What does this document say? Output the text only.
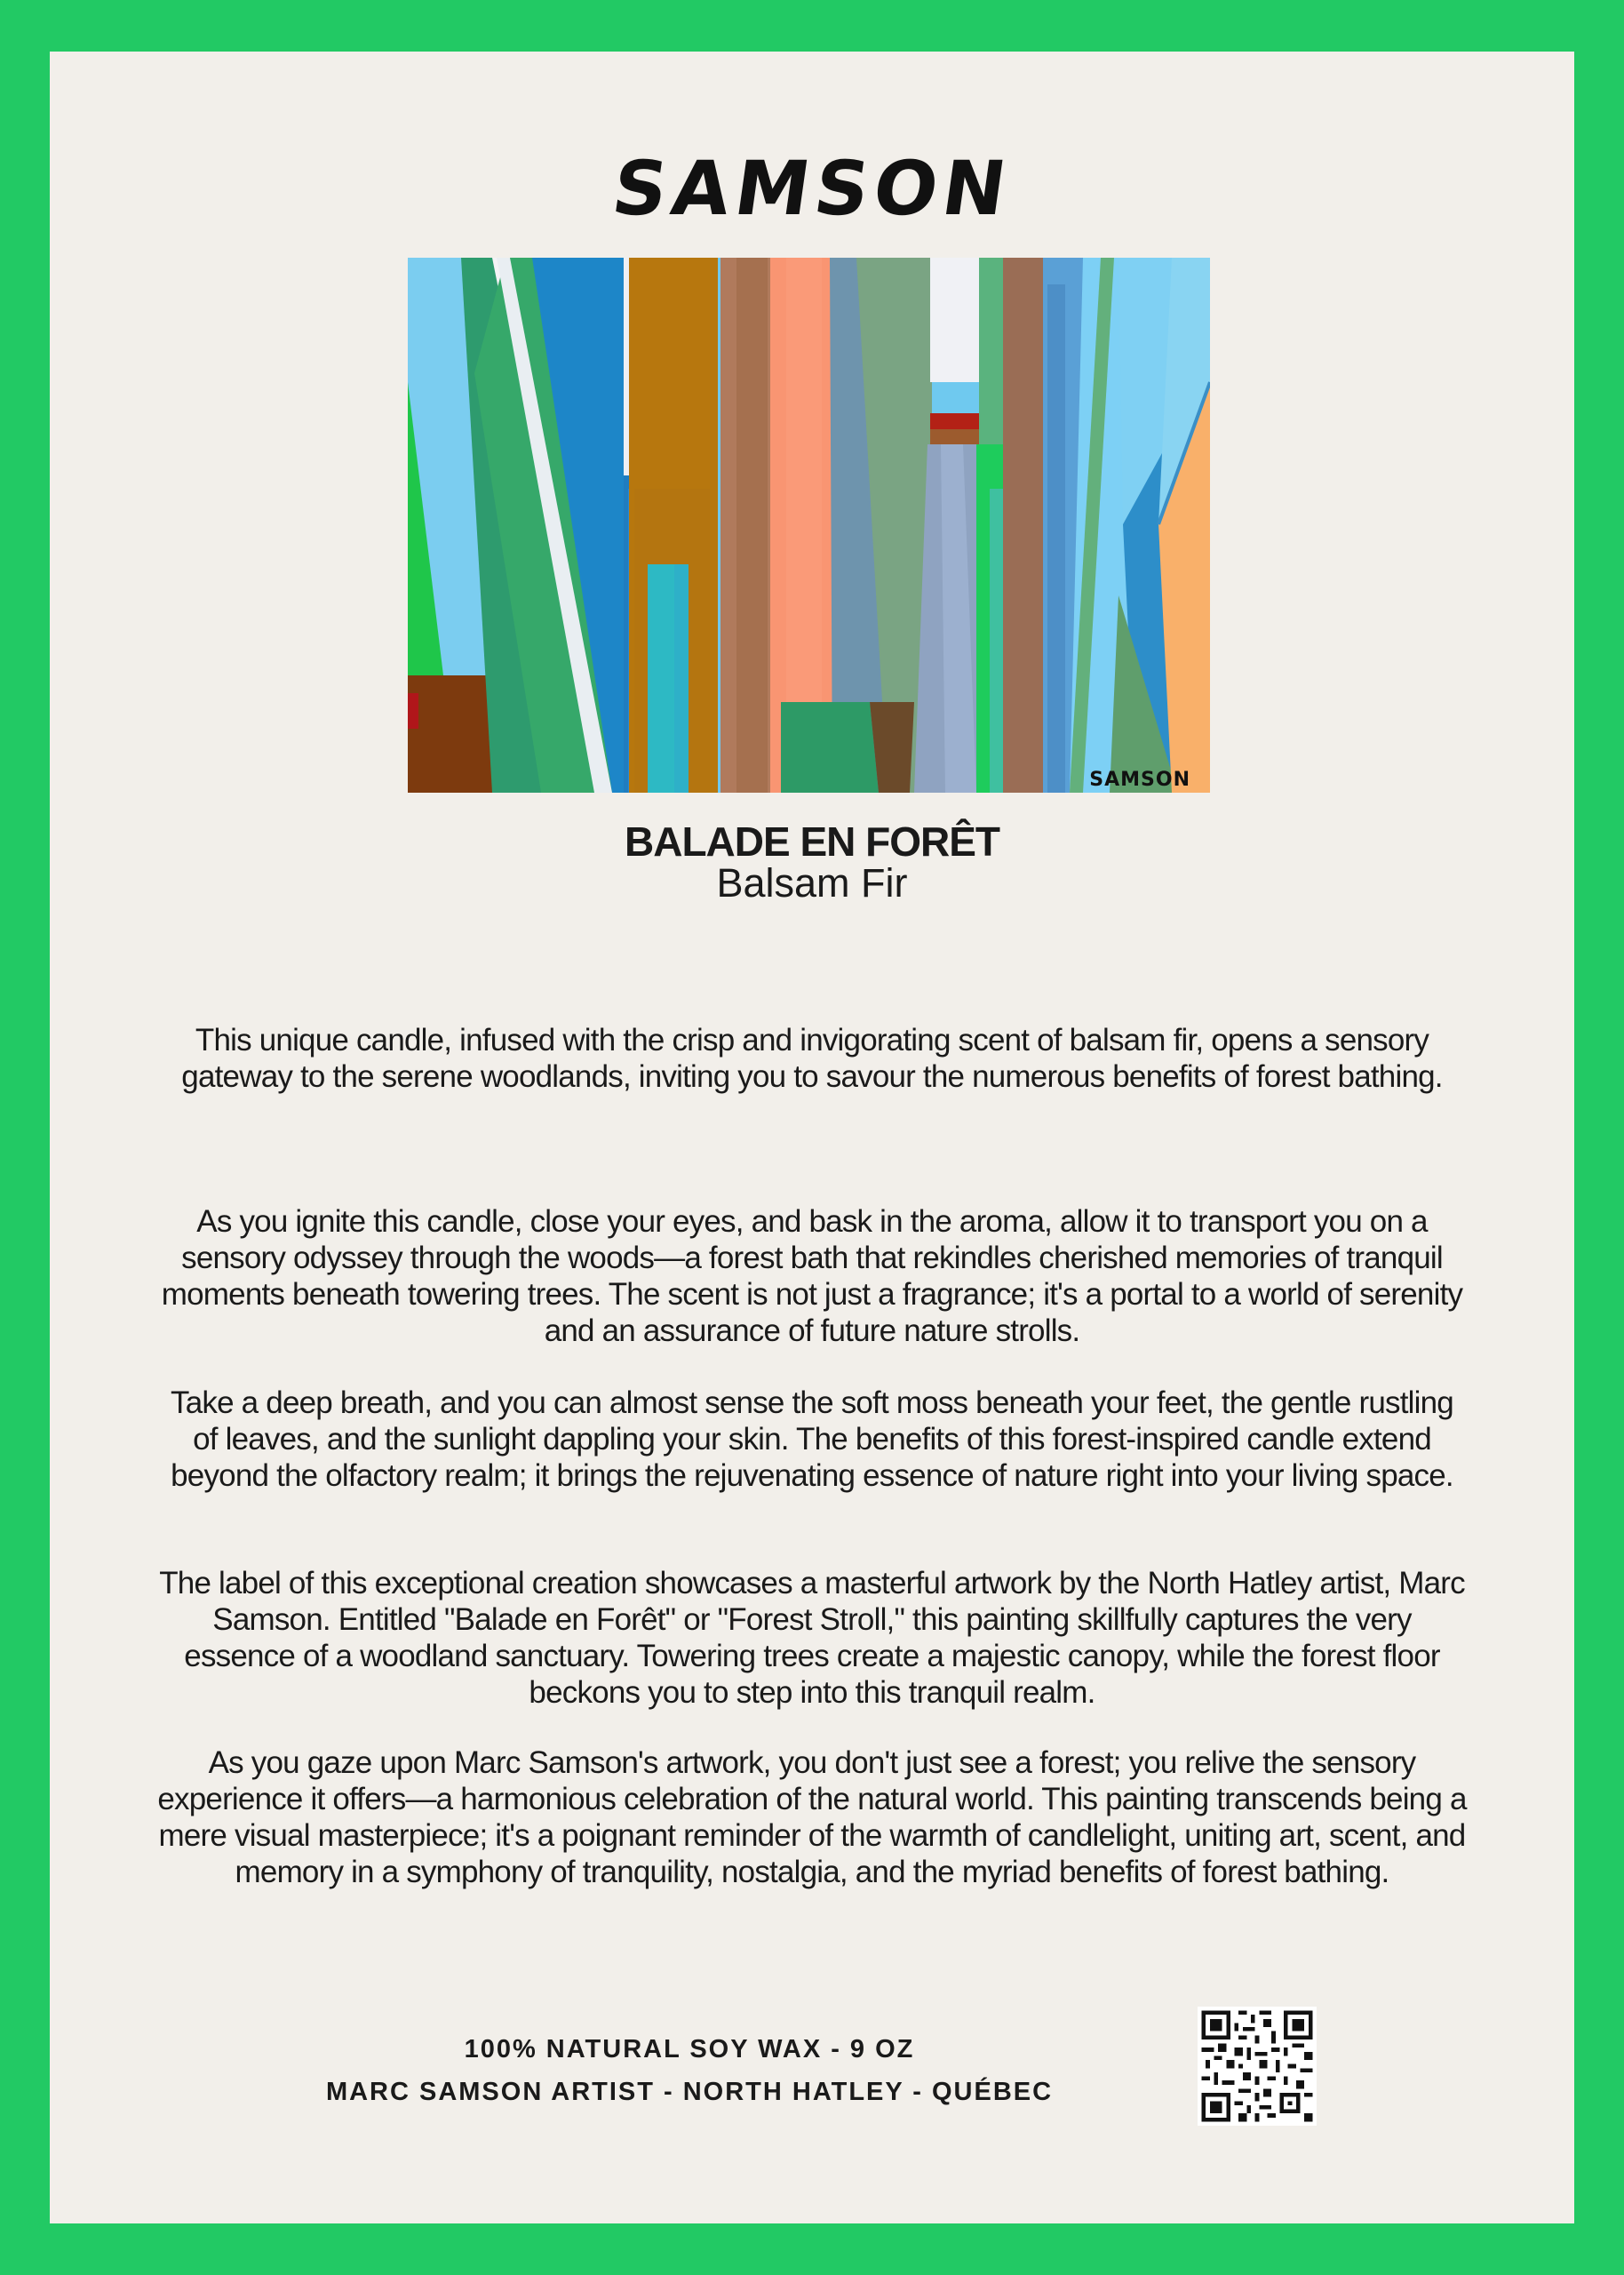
SAMSON
SAMSON
BALADE EN FORÊT
Balsam Fir

This unique candle, infused with the crisp and invigorating scent of balsam fir, opens a sensory gateway to the serene woodlands, inviting you to savour the numerous benefits of forest bathing.

As you ignite this candle, close your eyes, and bask in the aroma, allow it to transport you on a sensory odyssey through the woods—a forest bath that rekindles cherished memories of tranquil moments beneath towering trees. The scent is not just a fragrance; it's a portal to a world of serenity and an assurance of future nature strolls.

Take a deep breath, and you can almost sense the soft moss beneath your feet, the gentle rustling of leaves, and the sunlight dappling your skin. The benefits of this forest-inspired candle extend beyond the olfactory realm; it brings the rejuvenating essence of nature right into your living space.

The label of this exceptional creation showcases a masterful artwork by the North Hatley artist, Marc Samson. Entitled "Balade en Forêt" or "Forest Stroll," this painting skillfully captures the very essence of a woodland sanctuary. Towering trees create a majestic canopy, while the forest floor beckons you to step into this tranquil realm.

As you gaze upon Marc Samson's artwork, you don't just see a forest; you relive the sensory experience it offers—a harmonious celebration of the natural world. This painting transcends being a mere visual masterpiece; it's a poignant reminder of the warmth of candlelight, uniting art, scent, and memory in a symphony of tranquility, nostalgia, and the myriad benefits of forest bathing.

100% NATURAL SOY WAX - 9 OZ
MARC SAMSON ARTIST - NORTH HATLEY - QUÉBEC
